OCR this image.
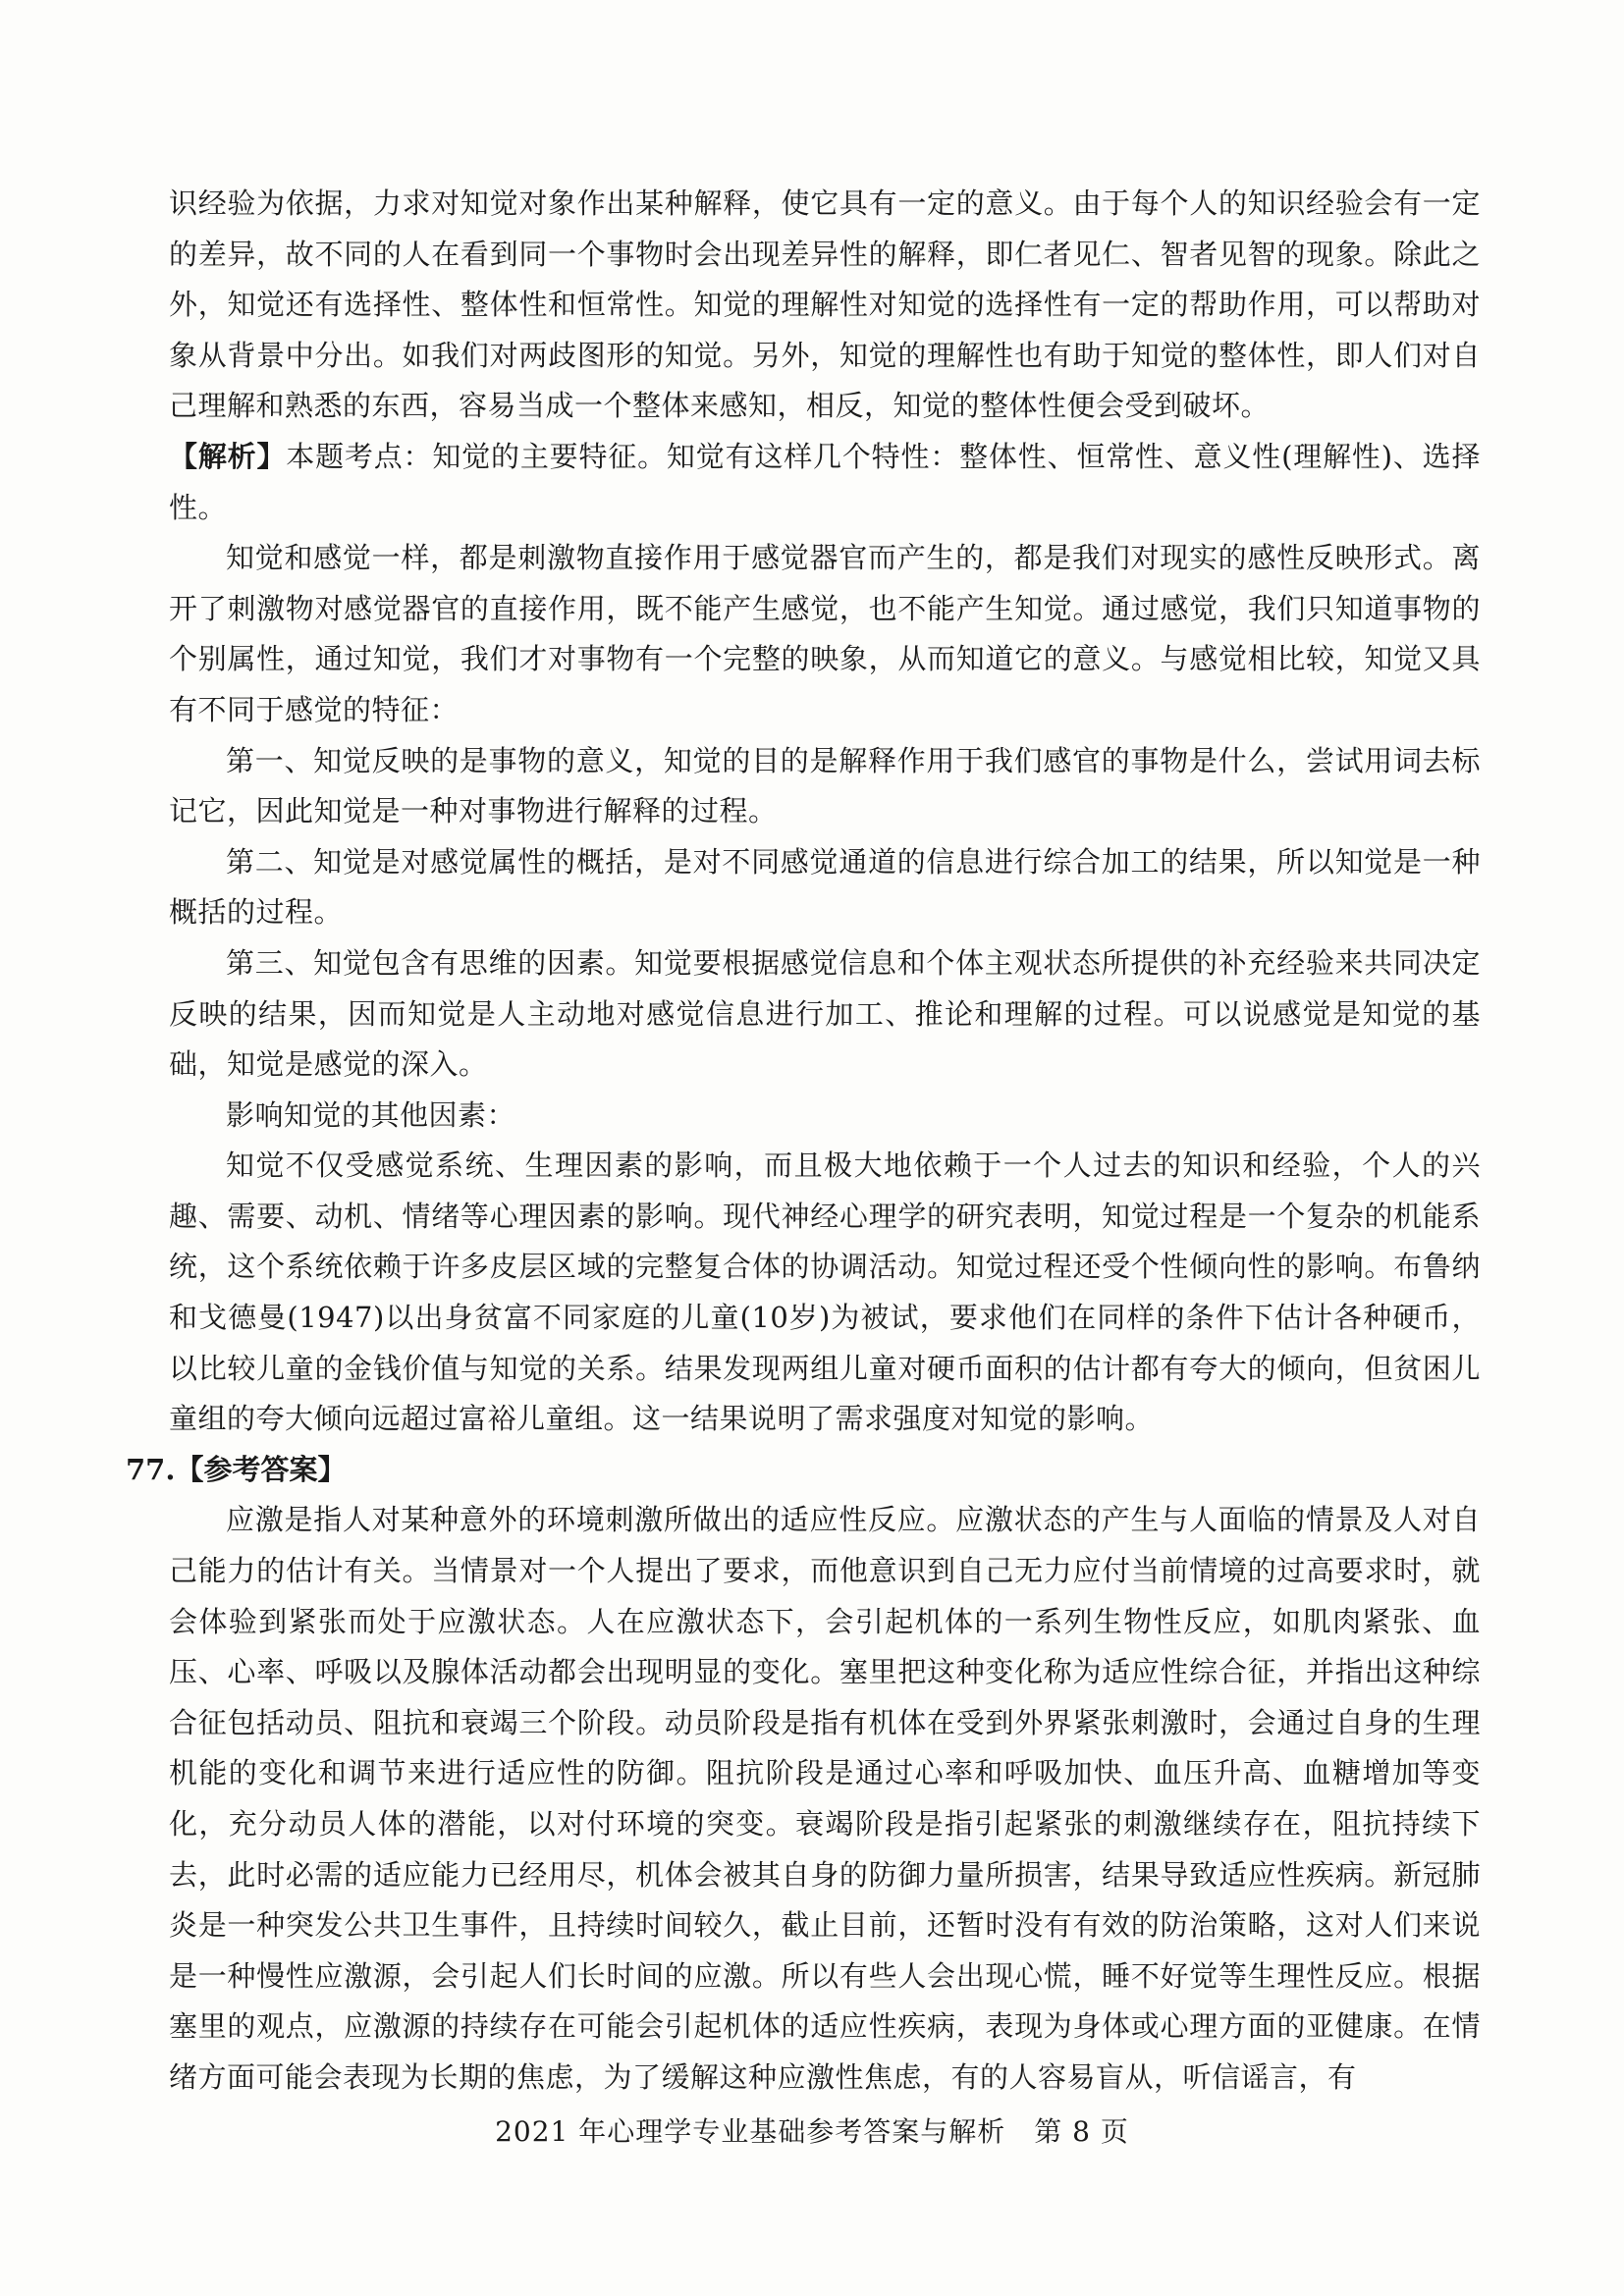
识经验为依据，力求对知觉对象作出某种解释，使它具有一定的意义。由于每个人的知识经验会有一定的差异，故不同的人在看到同一个事物时会出现差异性的解释，即仁者见仁、智者见智的现象。除此之外，知觉还有选择性、整体性和恒常性。知觉的理解性对知觉的选择性有一定的帮助作用，可以帮助对象从背景中分出。如我们对两歧图形的知觉。另外，知觉的理解性也有助于知觉的整体性，即人们对自己理解和熟悉的东西，容易当成一个整体来感知，相反，知觉的整体性便会受到破坏。

【解析】本题考点：知觉的主要特征。知觉有这样几个特性：整体性、恒常性、意义性(理解性)、选择性。

知觉和感觉一样，都是刺激物直接作用于感觉器官而产生的，都是我们对现实的感性反映形式。离开了刺激物对感觉器官的直接作用，既不能产生感觉，也不能产生知觉。通过感觉，我们只知道事物的个别属性，通过知觉，我们才对事物有一个完整的映象，从而知道它的意义。与感觉相比较，知觉又具有不同于感觉的特征：

第一、知觉反映的是事物的意义，知觉的目的是解释作用于我们感官的事物是什么，尝试用词去标记它，因此知觉是一种对事物进行解释的过程。

第二、知觉是对感觉属性的概括，是对不同感觉通道的信息进行综合加工的结果，所以知觉是一种概括的过程。

第三、知觉包含有思维的因素。知觉要根据感觉信息和个体主观状态所提供的补充经验来共同决定反映的结果，因而知觉是人主动地对感觉信息进行加工、推论和理解的过程。可以说感觉是知觉的基础，知觉是感觉的深入。

影响知觉的其他因素：

知觉不仅受感觉系统、生理因素的影响，而且极大地依赖于一个人过去的知识和经验，个人的兴趣、需要、动机、情绪等心理因素的影响。现代神经心理学的研究表明，知觉过程是一个复杂的机能系统，这个系统依赖于许多皮层区域的完整复合体的协调活动。知觉过程还受个性倾向性的影响。布鲁纳和戈德曼(1947)以出身贫富不同家庭的儿童(10岁)为被试，要求他们在同样的条件下估计各种硬币，以比较儿童的金钱价值与知觉的关系。结果发现两组儿童对硬币面积的估计都有夸大的倾向，但贫困儿童组的夸大倾向远超过富裕儿童组。这一结果说明了需求强度对知觉的影响。

77.【参考答案】

应激是指人对某种意外的环境刺激所做出的适应性反应。应激状态的产生与人面临的情景及人对自己能力的估计有关。当情景对一个人提出了要求，而他意识到自己无力应付当前情境的过高要求时，就会体验到紧张而处于应激状态。人在应激状态下，会引起机体的一系列生物性反应，如肌肉紧张、血压、心率、呼吸以及腺体活动都会出现明显的变化。塞里把这种变化称为适应性综合征，并指出这种综合征包括动员、阻抗和衰竭三个阶段。动员阶段是指有机体在受到外界紧张刺激时，会通过自身的生理机能的变化和调节来进行适应性的防御。阻抗阶段是通过心率和呼吸加快、血压升高、血糖增加等变化，充分动员人体的潜能，以对付环境的突变。衰竭阶段是指引起紧张的刺激继续存在，阻抗持续下去，此时必需的适应能力已经用尽，机体会被其自身的防御力量所损害，结果导致适应性疾病。新冠肺炎是一种突发公共卫生事件，且持续时间较久，截止目前，还暂时没有有效的防治策略，这对人们来说是一种慢性应激源，会引起人们长时间的应激。所以有些人会出现心慌，睡不好觉等生理性反应。根据塞里的观点，应激源的持续存在可能会引起机体的适应性疾病，表现为身体或心理方面的亚健康。在情绪方面可能会表现为长期的焦虑，为了缓解这种应激性焦虑，有的人容易盲从，听信谣言，有

2021 年心理学专业基础参考答案与解析　第 8 页
